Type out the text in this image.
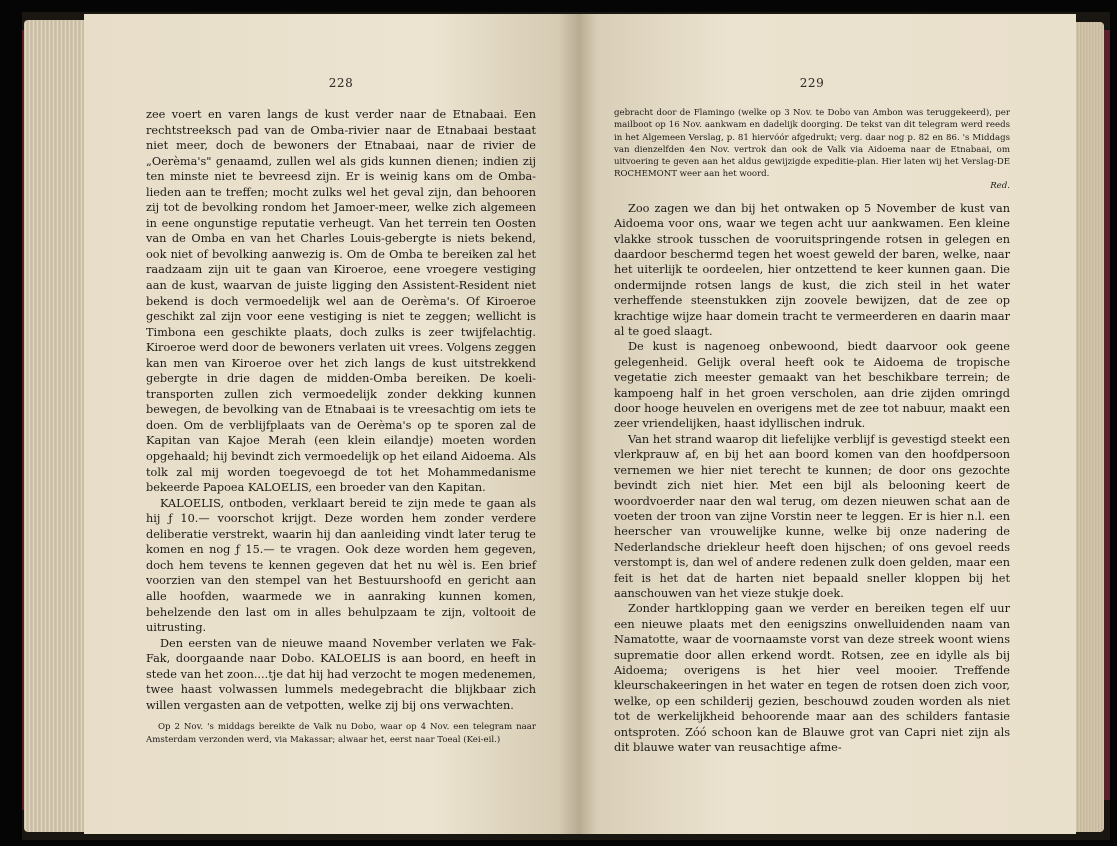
228

zee voert en varen langs de kust verder naar de Etnabaai. Een rechtstreeksch pad van de Omba-rivier naar de Etnabaai bestaat niet meer, doch de bewoners der Etnabaai, naar de rivier de „Oerèma's" genaamd, zullen wel als gids kunnen dienen; indien zij ten minste niet te bevreesd zijn. Er is weinig kans om de Omba-lieden aan te treffen; mocht zulks wel het geval zijn, dan behooren zij tot de bevolking rondom het Jamoer-meer, welke zich algemeen in eene ongunstige reputatie verheugt. Van het terrein ten Oosten van de Omba en van het Charles Louis-gebergte is niets bekend, ook niet of bevolking aanwezig is. Om de Omba te bereiken zal het raadzaam zijn uit te gaan van Kiroeroe, eene vroegere vestiging aan de kust, waarvan de juiste ligging den Assistent-Resident niet bekend is doch vermoedelijk wel aan de Oerèma's. Of Kiroeroe geschikt zal zijn voor eene vestiging is niet te zeggen; wellicht is Timbona een geschikte plaats, doch zulks is zeer twijfelachtig. Kiroeroe werd door de bewoners verlaten uit vrees. Volgens zeggen kan men van Kiroeroe over het zich langs de kust uitstrekkend gebergte in drie dagen de midden-Omba bereiken. De koeli-transporten zullen zich vermoedelijk zonder dekking kunnen bewegen, de bevolking van de Etnabaai is te vreesachtig om iets te doen. Om de verblijfplaats van de Oerèma's op te sporen zal de Kapitan van Kajoe Merah (een klein eilandje) moeten worden opgehaald; hij bevindt zich vermoedelijk op het eiland Aidoema. Als tolk zal mij worden toegevoegd de tot het Mohammedanisme bekeerde Papoea KALOELIS, een broeder van den Kapitan.

KALOELIS, ontboden, verklaart bereid te zijn mede te gaan als hij ƒ 10.— voorschot krijgt. Deze worden hem zonder verdere deliberatie verstrekt, waarin hij dan aanleiding vindt later terug te komen en nog ƒ 15.— te vragen. Ook deze worden hem gegeven, doch hem tevens te kennen gegeven dat het nu wèl is. Een brief voorzien van den stempel van het Bestuurshoofd en gericht aan alle hoofden, waarmede we in aanraking kunnen komen, behelzende den last om in alles behulpzaam te zijn, voltooit de uitrusting.

Den eersten van de nieuwe maand November verlaten we Fak-Fak, doorgaande naar Dobo. KALOELIS is aan boord, en heeft in stede van het zoon....tje dat hij had verzocht te mogen medenemen, twee haast volwassen lummels medegebracht die blijkbaar zich willen vergasten aan de vetpotten, welke zij bij ons verwachten.

Op 2 Nov. 's middags bereikte de Valk nu Dobo, waar op 4 Nov. een telegram naar Amsterdam verzonden werd, via Makassar; alwaar het, eerst naar Toeal (Kei-eil.)

229

gebracht door de Flamingo (welke op 3 Nov. te Dobo van Ambon was teruggekeerd), per mailboot op 16 Nov. aankwam en dadelijk doorging. De tekst van dit telegram werd reeds in het Algemeen Verslag, p. 81 hiervóór afgedrukt; verg. daar nog p. 82 en 86. 's Middags van dienzelfden 4en Nov. vertrok dan ook de Valk via Aidoema naar de Etnabaai, om uitvoering te geven aan het aldus gewijzigde expeditie-plan. Hier laten wij het Verslag-DE ROCHEMONT weer aan het woord.

Red.

Zoo zagen we dan bij het ontwaken op 5 November de kust van Aidoema voor ons, waar we tegen acht uur aankwamen. Een kleine vlakke strook tusschen de vooruitspringende rotsen in gelegen en daardoor beschermd tegen het woest geweld der baren, welke, naar het uiterlijk te oordeelen, hier ontzettend te keer kunnen gaan. Die ondermijnde rotsen langs de kust, die zich steil in het water verheffende steenstukken zijn zoovele bewijzen, dat de zee op krachtige wijze haar domein tracht te vermeerderen en daarin maar al te goed slaagt.

De kust is nagenoeg onbewoond, biedt daarvoor ook geene gelegenheid. Gelijk overal heeft ook te Aidoema de tropische vegetatie zich meester gemaakt van het beschikbare terrein; de kampoeng half in het groen verscholen, aan drie zijden omringd door hooge heuvelen en overigens met de zee tot nabuur, maakt een zeer vriendelijken, haast idyllischen indruk.

Van het strand waarop dit liefelijke verblijf is gevestigd steekt een vlerkprauw af, en bij het aan boord komen van den hoofdpersoon vernemen we hier niet terecht te kunnen; de door ons gezochte bevindt zich niet hier. Met een bijl als belooning keert de woordvoerder naar den wal terug, om dezen nieuwen schat aan de voeten der troon van zijne Vorstin neer te leggen. Er is hier n.l. een heerscher van vrouwelijke kunne, welke bij onze nadering de Nederlandsche driekleur heeft doen hijschen; of ons gevoel reeds verstompt is, dan wel of andere redenen zulk doen gelden, maar een feit is het dat de harten niet bepaald sneller kloppen bij het aanschouwen van het vieze stukje doek.

Zonder hartklopping gaan we verder en bereiken tegen elf uur een nieuwe plaats met den eenigszins onwelluidenden naam van Namatotte, waar de voornaamste vorst van deze streek woont wiens suprematie door allen erkend wordt. Rotsen, zee en idylle als bij Aidoema; overigens is het hier veel mooier. Treffende kleurschakeeringen in het water en tegen de rotsen doen zich voor, welke, op een schilderij gezien, beschouwd zouden worden als niet tot de werkelijkheid behoorende maar aan des schilders fantasie ontsproten. Zóó schoon kan de Blauwe grot van Capri niet zijn als dit blauwe water van reusachtige afme-
